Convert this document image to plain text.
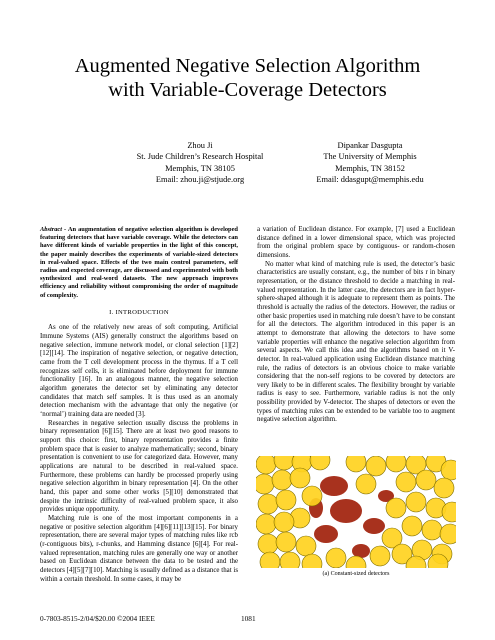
Augmented Negative Selection Algorithm
with Variable-Coverage Detectors
Zhou Ji
St. Jude Children’s Research Hospital
Memphis, TN 38105
Email: zhou.ji@stjude.org
Dipankar Dasgupta
The University of Memphis
Memphis, TN 38152
Email: ddasgupt@memphis.edu

Abstract - An augmentation of negative selection algorithm is developed featuring detectors that have variable coverage. While the detectors can have different kinds of variable properties in the light of this concept, the paper mainly describes the experiments of variable-sized detectors in real-valued space. Effects of the two main control parameters, self radius and expected coverage, are discussed and experimented with both synthesized and real-word datasets. The new approach improves efficiency and reliability without compromising the order of magnitude of complexity.

I. INTRODUCTION

As one of the relatively new areas of soft computing, Artificial Immune Systems (AIS) generally construct the algorithms based on negative selection, immune network model, or clonal selection [1][2][12][14]. The inspiration of negative selection, or negative detection, came from the T cell development process in the thymus. If a T cell recognizes self cells, it is eliminated before deployment for immune functionality [16]. In an analogous manner, the negative selection algorithm generates the detector set by eliminating any detector candidates that match self samples. It is thus used as an anomaly detection mechanism with the advantage that only the negative (or ‘normal’) training data are needed [3].

Researches in negative selection usually discuss the problems in binary representation [6][15]. There are at least two good reasons to support this choice: first, binary representation provides a finite problem space that is easier to analyze mathematically; second, binary presentation is convenient to use for categorized data. However, many applications are natural to be described in real-valued space. Furthermore, these problems can hardly be processed properly using negative selection algorithm in binary representation [4]. On the other hand, this paper and some other works [5][10] demonstrated that despite the intrinsic difficulty of real-valued problem space, it also provides unique opportunity.

Matching rule is one of the most important components in a negative or positive selection algorithm [4][6][11][13][15]. For binary representation, there are several major types of matching rules like rcb (r-contiguous bits), r-chunks, and Hamming distance [6][4]. For real-valued representation, matching rules are generally one way or another based on Euclidean distance between the data to be tested and the detectors [4][5][7][10]. Matching is usually defined as a distance that is within a certain threshold. In some cases, it may be

a variation of Euclidean distance. For example, [7] used a Euclidean distance defined in a lower dimensional space, which was projected from the original problem space by contiguous- or random-chosen dimensions.

No matter what kind of matching rule is used, the detector’s basic characteristics are usually constant, e.g., the number of bits r in binary representation, or the distance threshold to decide a matching in real-valued representation. In the latter case, the detectors are in fact hyper-sphere-shaped although it is adequate to represent them as points. The threshold is actually the radius of the detectors. However, the radius or other basic properties used in matching rule doesn’t have to be constant for all the detectors. The algorithm introduced in this paper is an attempt to demonstrate that allowing the detectors to have some variable properties will enhance the negative selection algorithm from several aspects. We call this idea and the algorithms based on it V-detector. In real-valued application using Euclidean distance matching rule, the radius of detectors is an obvious choice to make variable considering that the non-self regions to be covered by detectors are very likely to be in different scales. The flexibility brought by variable radius is easy to see. Furthermore, variable radius is not the only possibility provided by V-detector. The shapes of detectors or even the types of matching rules can be extended to be variable too to augment negative selection algorithm.

(a) Constant-sized detectors
0-7803-8515-2/04/$20.00 ©2004 IEEE	1081
